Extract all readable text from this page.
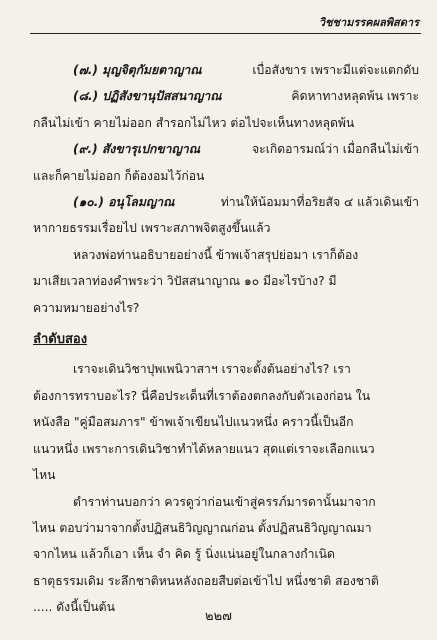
วิชชามรรคผลพิสดาร
(๗.) มุญจิตุกัมยตาญาณ	เบื่อสังขาร เพราะมีแต่จะแตกดับ
(๘.) ปฏิสังขานุปัสสนาญาณ	คิดหาทางหลุดพ้น เพราะ
กลืนไม่เข้า คายไม่ออก สำรอกไม่ไหว ต่อไปจะเห็นทางหลุดพ้น
(๙.) สังขารุเปกขาญาณ	จะเกิดอารมณ์ว่า เมื่อกลืนไม่เข้า
และก็คายไม่ออก ก็ต้องอมไว้ก่อน
(๑๐.) อนุโลมญาณ	ท่านให้น้อมมาที่อริยสัจ ๔ แล้วเดินเข้า
หากายธรรมเรื่อยไป เพราะสภาพจิตสูงขึ้นแล้ว
หลวงพ่อท่านอธิบายอย่างนี้ ข้าพเจ้าสรุปย่อมา เราก็ต้อง
มาเสียเวลาท่องคำพระว่า วิปัสสนาญาณ ๑๐ มีอะไรบ้าง? มี
ความหมายอย่างไร?
ลำดับสอง
เราจะเดินวิชาปุพเพนิวาสาฯ เราจะตั้งต้นอย่างไร? เรา
ต้องการทราบอะไร? นี่คือประเด็นที่เราต้องตกลงกับตัวเองก่อน ใน
หนังสือ "คู่มือสมภาร" ข้าพเจ้าเขียนไปแนวหนึ่ง คราวนี้เป็นอีก
แนวหนึ่ง เพราะการเดินวิชาทำได้หลายแนว สุดแต่เราจะเลือกแนว
ไหน
ตำราท่านบอกว่า ควรดูว่าก่อนเข้าสู่ครรภ์มารดานั้นมาจาก
ไหน ตอบว่ามาจากตั้งปฏิสนธิวิญญาณก่อน ตั้งปฏิสนธิวิญญาณมา
จากไหน แล้วก็เอา เห็น จำ คิด รู้ นิ่งแน่นอยู่ในกลางกำเนิด
ธาตุธรรมเดิม ระลึกชาติหนหลังถอยสืบต่อเข้าไป หนึ่งชาติ สองชาติ
..... ดังนี้เป็นต้น
๒๒๗
